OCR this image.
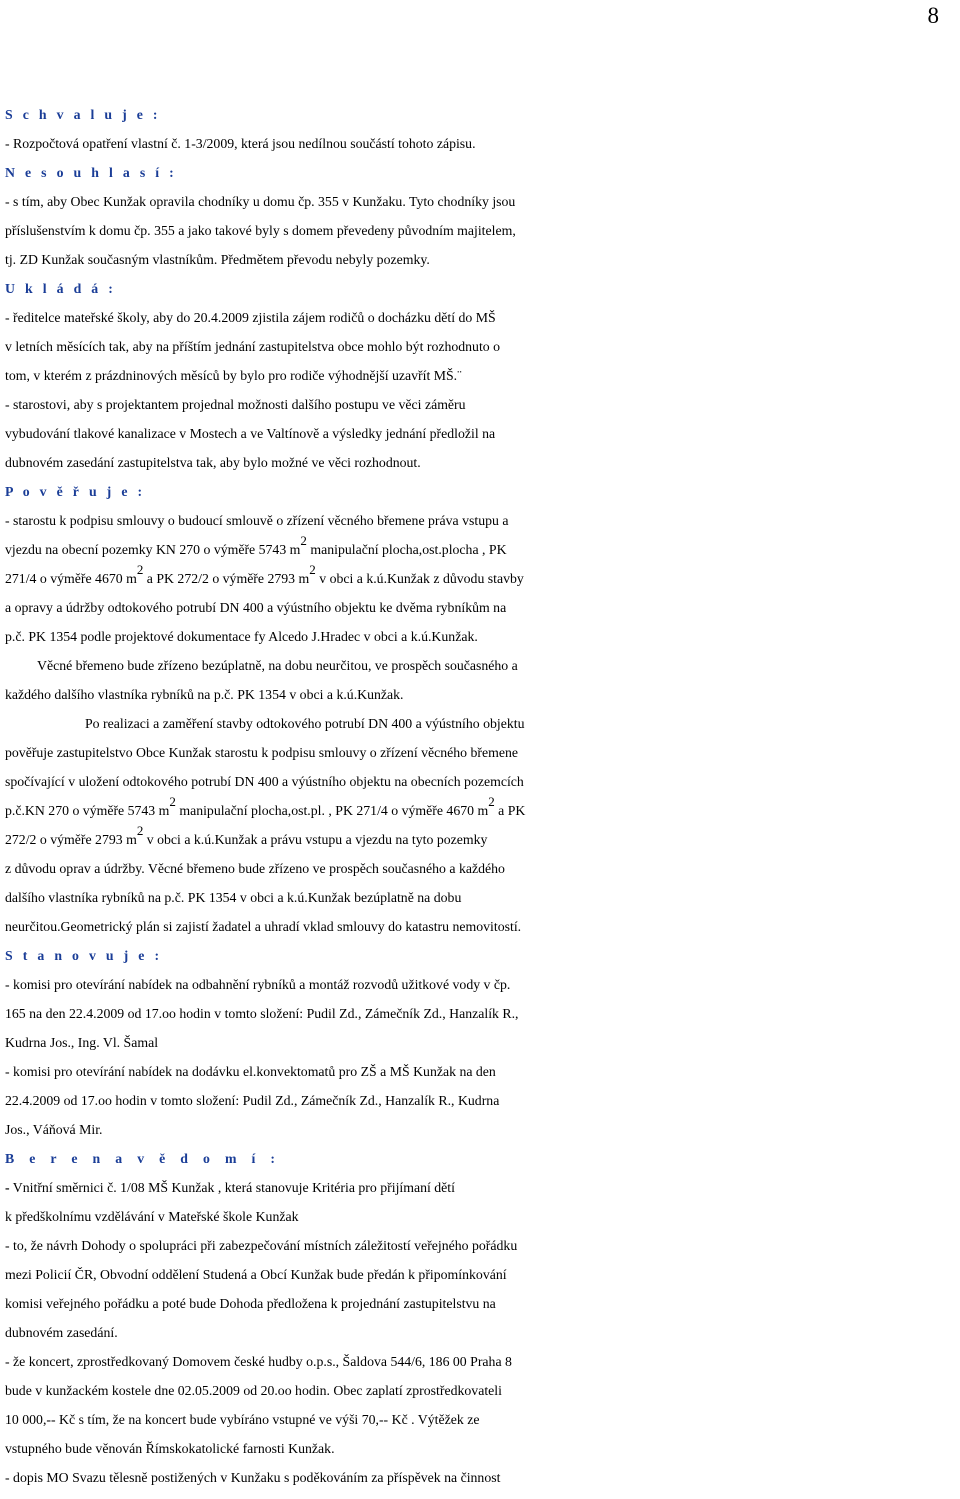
8
S c h v a l u j e :
- Rozpočtová opatření vlastní č. 1-3/2009, která jsou nedílnou součástí tohoto zápisu.
N e s o u h l a s í :
- s tím, aby Obec Kunžak opravila chodníky u domu čp. 355 v Kunžaku. Tyto chodníky jsou
příslušenstvím k domu čp. 355 a jako takové byly s domem převedeny původním majitelem,
tj. ZD Kunžak současným vlastníkům. Předmětem převodu nebyly pozemky.
U k l á d á :
- ředitelce mateřské školy, aby do 20.4.2009 zjistila zájem rodičů o docházku dětí do MŠ
v letních měsících tak, aby na příštím jednání zastupitelstva obce mohlo být rozhodnuto o
tom, v kterém z prázdninových měsíců by bylo pro rodiče výhodnější uzavřít MŠ.¨
- starostovi, aby s projektantem projednal možnosti dalšího postupu ve věci záměru
vybudování tlakové kanalizace v Mostech a ve Valtínově a výsledky jednání předložil na
dubnovém zasedání zastupitelstva tak, aby bylo možné ve věci rozhodnout.
P o v ě ř u j e :
- starostu k podpisu smlouvy o budoucí smlouvě o zřízení věcného břemene práva vstupu a
vjezdu na obecní pozemky KN 270 o výměře 5743 $m^2$ manipulační plocha,ost.plocha , PK
271/4 o výměře 4670 $m^2$ a PK 272/2 o výměře 2793 $m^2$ v obci a k.ú.Kunžak z důvodu stavby
a opravy a údržby odtokového potrubí DN 400 a výústního objektu ke dvěma rybníkům na
p.č. PK 1354 podle projektové dokumentace fy Alcedo J.Hradec v obci a k.ú.Kunžak.
Věcné břemeno bude zřízeno bezúplatně, na dobu neurčitou, ve prospěch současného a
každého dalšího vlastníka rybníků na p.č. PK 1354 v obci a k.ú.Kunžak.
Po realizaci a zaměření stavby odtokového potrubí DN 400 a výústního objektu
pověřuje zastupitelstvo Obce Kunžak starostu k podpisu smlouvy o zřízení věcného břemene
spočívající v uložení odtokového potrubí DN 400 a výústního objektu na obecních pozemcích
p.č.KN 270 o výměře 5743 $m^2$ manipulační plocha,ost.pl. , PK 271/4 o výměře 4670 $m^2$ a PK
272/2 o výměře 2793 $m^2$ v obci a k.ú.Kunžak a právu vstupu a vjezdu na tyto pozemky
z důvodu oprav a údržby. Věcné břemeno bude zřízeno ve prospěch současného a každého
dalšího vlastníka rybníků na p.č. PK 1354 v obci a k.ú.Kunžak bezúplatně na dobu
neurčitou.Geometrický plán si zajistí žadatel a uhradí vklad smlouvy do katastru nemovitostí.
S t a n o v u j e :
- komisi pro otevírání nabídek na odbahnění rybníků a montáž rozvodů užitkové vody v čp.
165 na den 22.4.2009 od 17.oo hodin v tomto složení: Pudil Zd., Zámečník Zd., Hanzalík R.,
Kudrna Jos., Ing. Vl. Šamal
- komisi pro otevírání nabídek na dodávku el.konvektomatů pro ZŠ a MŠ Kunžak na den
22.4.2009 od 17.oo hodin v tomto složení: Pudil Zd., Zámečník Zd., Hanzalík R., Kudrna
Jos., Váňová Mir.
B e r e n a v ě d o m í :
- Vnitřní směrnici č. 1/08 MŠ Kunžak , která stanovuje Kritéria pro přijímaní dětí
k předškolnímu vzdělávání v Mateřské škole Kunžak
- to, že návrh Dohody o spolupráci při zabezpečování místních záležitostí veřejného pořádku
mezi Policií ČR, Obvodní oddělení Studená a Obcí Kunžak bude předán k připomínkování
komisi veřejného pořádku a poté bude Dohoda předložena k projednání zastupitelstvu na
dubnovém zasedání.
- že koncert, zprostředkovaný Domovem české hudby o.p.s., Šaldova 544/6, 186 00 Praha 8
bude v kunžackém kostele dne 02.05.2009 od 20.oo hodin. Obec zaplatí zprostředkovateli
10 000,-- Kč s tím, že na koncert bude vybíráno vstupné ve výši 70,-- Kč . Výtěžek ze
vstupného bude věnován Římskokatolické farnosti Kunžak.
- dopis MO Svazu tělesně postižených v Kunžaku s poděkováním za příspěvek na činnost
